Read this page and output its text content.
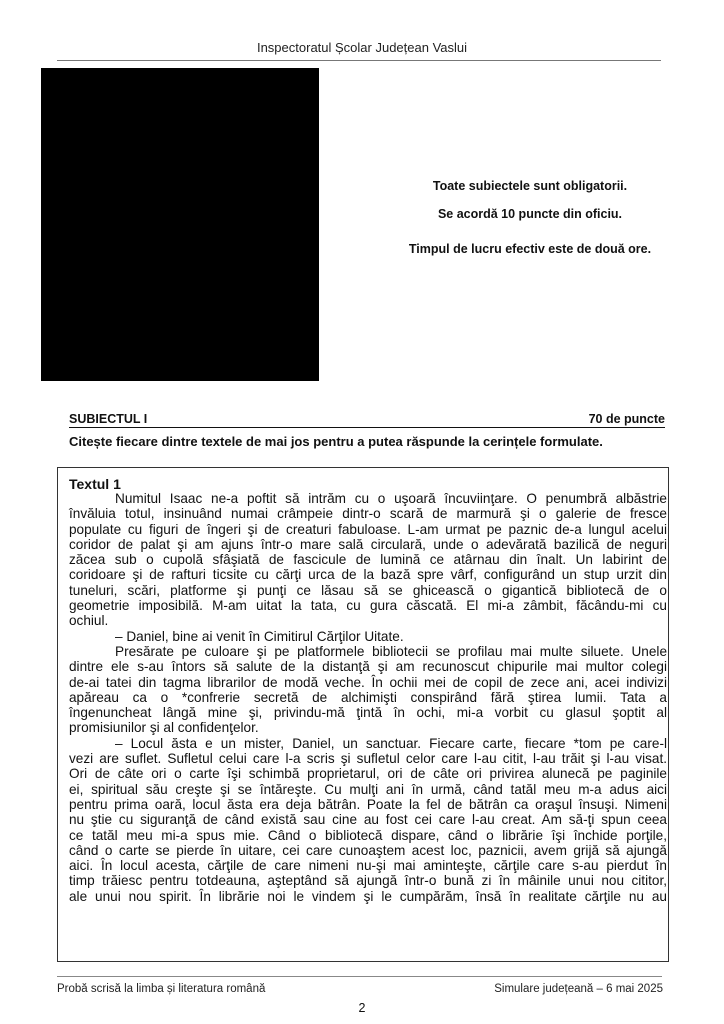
Inspectoratul Școlar Județean Vaslui
Toate subiectele sunt obligatorii.
Se acordă 10 puncte din oficiu.
Timpul de lucru efectiv este de două ore.
SUBIECTUL I	70 de puncte
Citește fiecare dintre textele de mai jos pentru a putea răspunde la cerințele formulate.
Textul 1
Numitul Isaac ne-a poftit să intrăm cu o uşoară încuviinţare. O penumbră albăstrie
învăluia totul, insinuând numai crâmpeie dintr-o scară de marmură şi o galerie de fresce
populate cu figuri de îngeri şi de creaturi fabuloase. L-am urmat pe paznic de-a lungul acelui
coridor de palat şi am ajuns într-o mare sală circulară, unde o adevărată bazilică de neguri
zăcea sub o cupolă sfâşiată de fascicule de lumină ce atârnau din înalt. Un labirint de
coridoare şi de rafturi ticsite cu cărţi urca de la bază spre vârf, configurând un stup urzit din
tuneluri, scări, platforme şi punţi ce lăsau să se ghicească o gigantică bibliotecă de o
geometrie imposibilă. M-am uitat la tata, cu gura căscată. El mi-a zâmbit, făcându-mi cu
ochiul.
– Daniel, bine ai venit în Cimitirul Cărţilor Uitate.
Presărate pe culoare şi pe platformele bibliotecii se profilau mai multe siluete. Unele
dintre ele s-au întors să salute de la distanţă şi am recunoscut chipurile mai multor colegi
de-ai tatei din tagma librarilor de modă veche. În ochii mei de copil de zece ani, acei indivizi
apăreau ca o *confrerie secretă de alchimişti conspirând fără ştirea lumii. Tata a
îngenuncheat lângă mine şi, privindu-mă ţintă în ochi, mi-a vorbit cu glasul şoptit al
promisiunilor şi al confidenţelor.
– Locul ăsta e un mister, Daniel, un sanctuar. Fiecare carte, fiecare *tom pe care-l
vezi are suflet. Sufletul celui care l-a scris şi sufletul celor care l-au citit, l-au trăit şi l-au visat.
Ori de câte ori o carte îşi schimbă proprietarul, ori de câte ori privirea alunecă pe paginile
ei, spiritual său creşte şi se întăreşte. Cu mulţi ani în urmă, când tatăl meu m-a adus aici
pentru prima oară, locul ăsta era deja bătrân. Poate la fel de bătrân ca oraşul însuşi. Nimeni
nu ştie cu siguranţă de când există sau cine au fost cei care l-au creat. Am să-ţi spun ceea
ce tatăl meu mi-a spus mie. Când o bibliotecă dispare, când o librărie îşi închide porţile,
când o carte se pierde în uitare, cei care cunoaştem acest loc, paznicii, avem grijă să ajungă
aici. În locul acesta, cărţile de care nimeni nu-şi mai aminteşte, cărţile care s-au pierdut în
timp trăiesc pentru totdeauna, aşteptând să ajungă într-o bună zi în mâinile unui nou cititor,
ale unui nou spirit. În librărie noi le vindem şi le cumpărăm, însă în realitate cărţile nu au
Probă scrisă la limba și literatura română	Simulare județeană – 6 mai 2025
2
